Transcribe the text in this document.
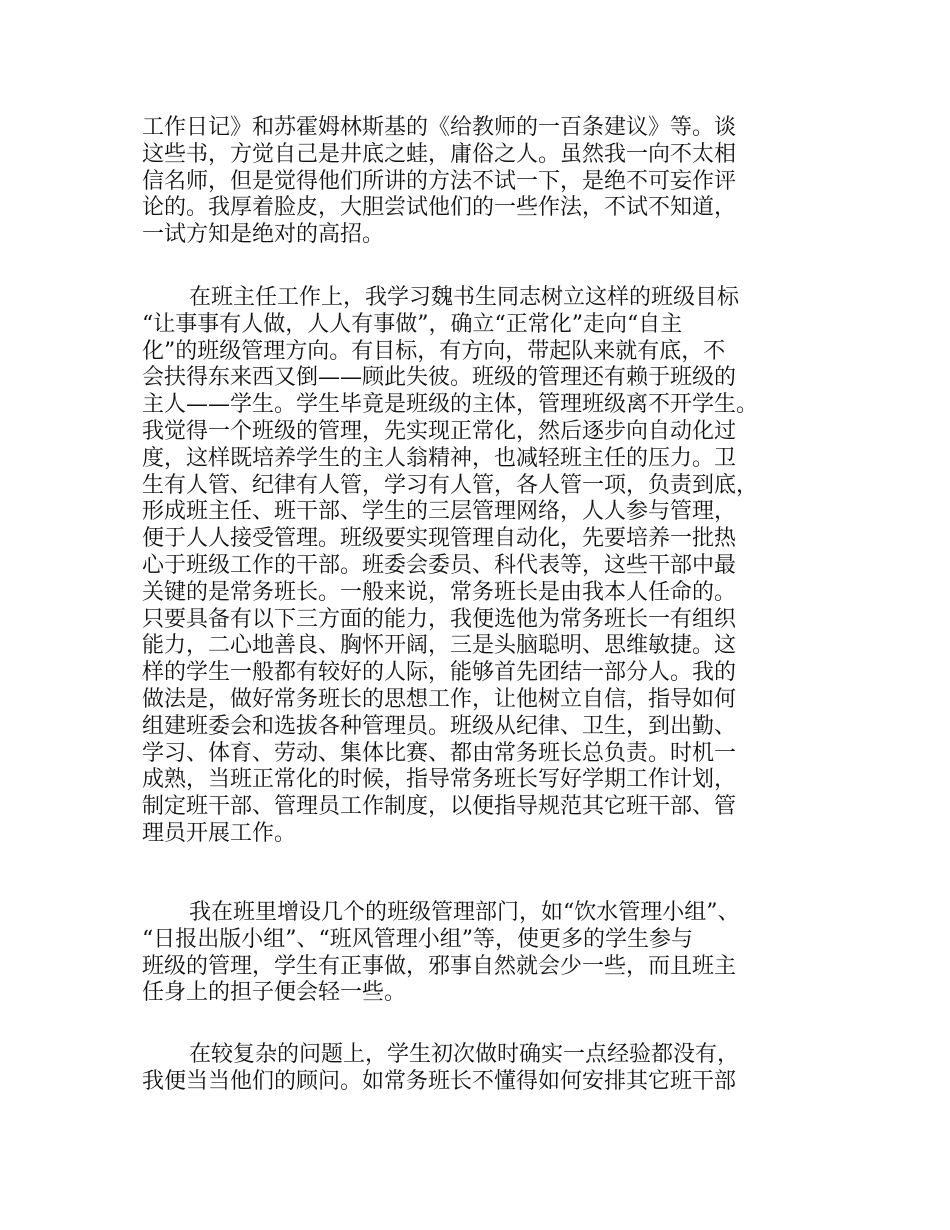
工作日记》和苏霍姆林斯基的《给教师的一百条建议》等。谈
这些书，方觉自己是井底之蛙，庸俗之人。虽然我一向不太相
信名师，但是觉得他们所讲的方法不试一下，是绝不可妄作评
论的。我厚着脸皮，大胆尝试他们的一些作法，不试不知道，
一试方知是绝对的高招。
在班主任工作上，我学习魏书生同志树立这样的班级目标
“让事事有人做，人人有事做”，确立“正常化”走向“自主
化”的班级管理方向。有目标，有方向，带起队来就有底，不
会扶得东来西又倒——顾此失彼。班级的管理还有赖于班级的
主人——学生。学生毕竟是班级的主体，管理班级离不开学生。
我觉得一个班级的管理，先实现正常化，然后逐步向自动化过
度，这样既培养学生的主人翁精神，也减轻班主任的压力。卫
生有人管、纪律有人管，学习有人管，各人管一项，负责到底，
形成班主任、班干部、学生的三层管理网络，人人参与管理，
便于人人接受管理。班级要实现管理自动化，先要培养一批热
心于班级工作的干部。班委会委员、科代表等，这些干部中最
关键的是常务班长。一般来说，常务班长是由我本人任命的。
只要具备有以下三方面的能力，我便选他为常务班长一有组织
能力，二心地善良、胸怀开阔，三是头脑聪明、思维敏捷。这
样的学生一般都有较好的人际，能够首先团结一部分人。我的
做法是，做好常务班长的思想工作，让他树立自信，指导如何
组建班委会和选拔各种管理员。班级从纪律、卫生，到出勤、
学习、体育、劳动、集体比赛、都由常务班长总负责。时机一
成熟，当班正常化的时候，指导常务班长写好学期工作计划，
制定班干部、管理员工作制度，以便指导规范其它班干部、管
理员开展工作。
我在班里增设几个的班级管理部门，如“饮水管理小组”、
“日报出版小组”、“班风管理小组”等，使更多的学生参与
班级的管理，学生有正事做，邪事自然就会少一些，而且班主
任身上的担子便会轻一些。
在较复杂的问题上，学生初次做时确实一点经验都没有，
我便当当他们的顾问。如常务班长不懂得如何安排其它班干部
